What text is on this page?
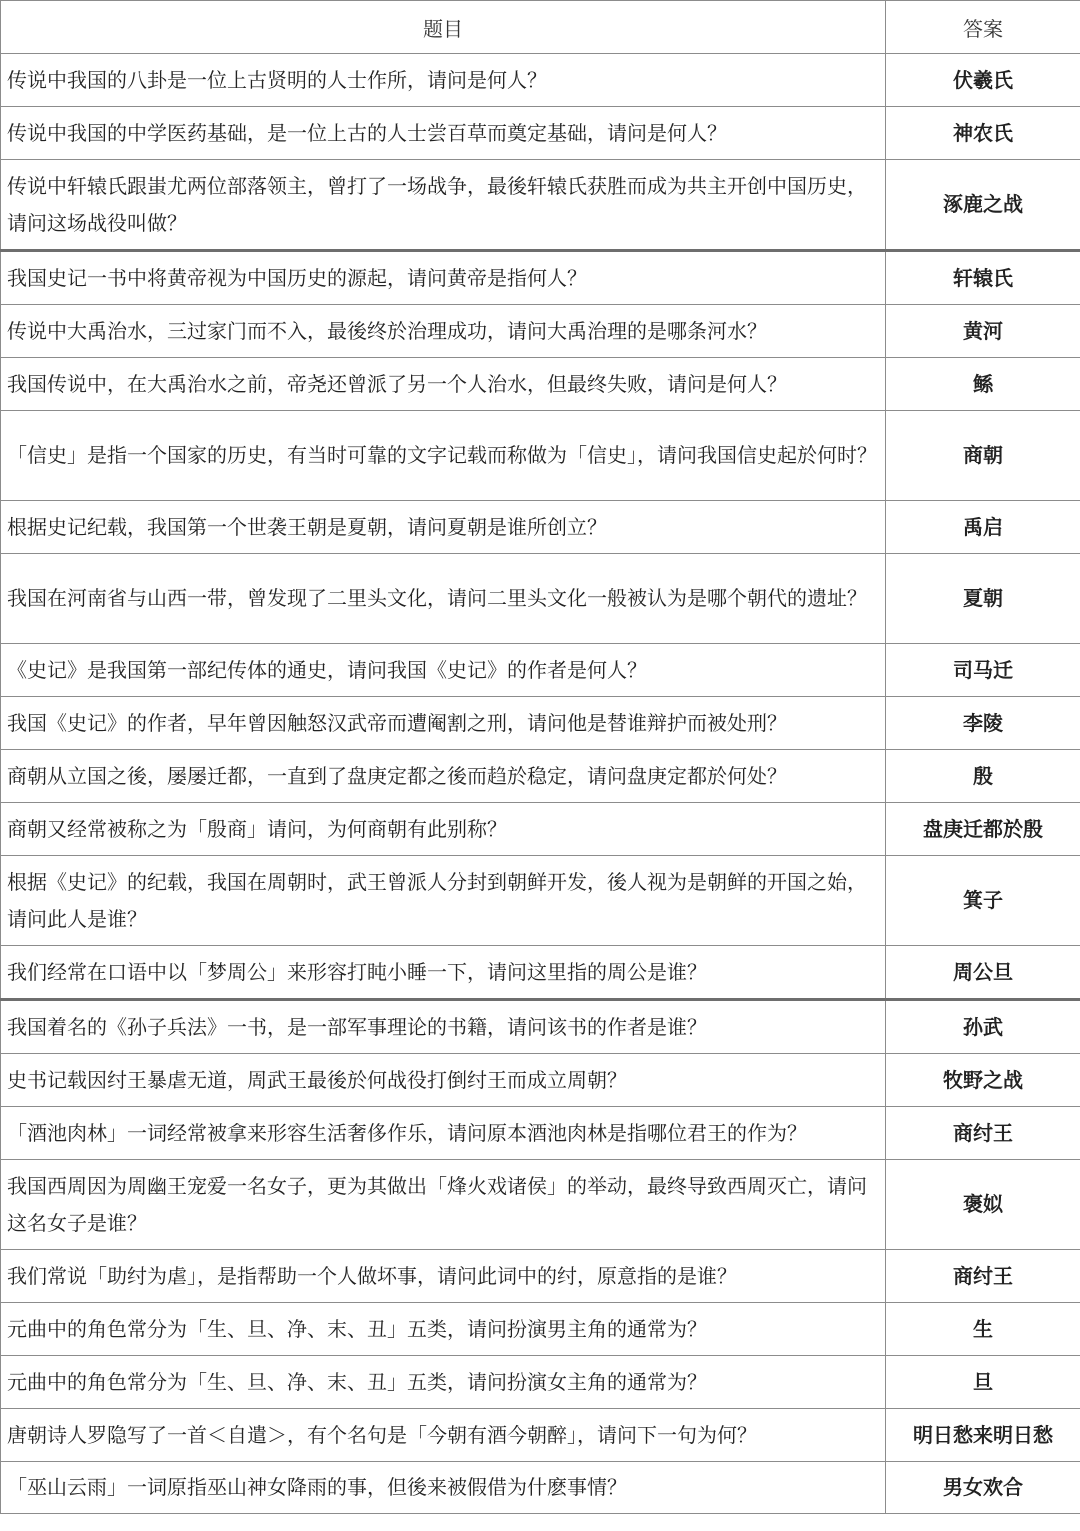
题目	答案
传说中我国的八卦是一位上古贤明的人士作所，请问是何人？	伏羲氏
传说中我国的中学医药基础，是一位上古的人士尝百草而奠定基础，请问是何人？	神农氏
传说中轩辕氏跟蚩尤两位部落领主，曾打了一场战争，最後轩辕氏获胜而成为共主开创中国历史，请问这场战役叫做？	涿鹿之战
我国史记一书中将黄帝视为中国历史的源起，请问黄帝是指何人？	轩辕氏
传说中大禹治水，三过家门而不入，最後终於治理成功，请问大禹治理的是哪条河水？	黄河
我国传说中，在大禹治水之前，帝尧还曾派了另一个人治水，但最终失败，请问是何人？	鲧
「信史」是指一个国家的历史，有当时可靠的文字记载而称做为「信史」，请问我国信史起於何时？	商朝
根据史记纪载，我国第一个世袭王朝是夏朝，请问夏朝是谁所创立？	禹启
我国在河南省与山西一带，曾发现了二里头文化，请问二里头文化一般被认为是哪个朝代的遗址？	夏朝
《史记》是我国第一部纪传体的通史，请问我国《史记》的作者是何人？	司马迁
我国《史记》的作者，早年曾因触怒汉武帝而遭阉割之刑，请问他是替谁辩护而被处刑？	李陵
商朝从立国之後，屡屡迁都，一直到了盘庚定都之後而趋於稳定，请问盘庚定都於何处？	殷
商朝又经常被称之为「殷商」请问，为何商朝有此别称？	盘庚迁都於殷
根据《史记》的纪载，我国在周朝时，武王曾派人分封到朝鲜开发，後人视为是朝鲜的开国之始，请问此人是谁？	箕子
我们经常在口语中以「梦周公」来形容打盹小睡一下，请问这里指的周公是谁？	周公旦
我国着名的《孙子兵法》一书，是一部军事理论的书籍，请问该书的作者是谁？	孙武
史书记载因纣王暴虐无道，周武王最後於何战役打倒纣王而成立周朝？	牧野之战
「酒池肉林」一词经常被拿来形容生活奢侈作乐，请问原本酒池肉林是指哪位君王的作为？	商纣王
我国西周因为周幽王宠爱一名女子，更为其做出「烽火戏诸侯」的举动，最终导致西周灭亡，请问这名女子是谁？	褒姒
我们常说「助纣为虐」，是指帮助一个人做坏事，请问此词中的纣，原意指的是谁？	商纣王
元曲中的角色常分为「生、旦、净、末、丑」五类，请问扮演男主角的通常为？	生
元曲中的角色常分为「生、旦、净、末、丑」五类，请问扮演女主角的通常为？	旦
唐朝诗人罗隐写了一首＜自遣＞，有个名句是「今朝有酒今朝醉」，请问下一句为何？	明日愁来明日愁
「巫山云雨」一词原指巫山神女降雨的事，但後来被假借为什麽事情？	男女欢合
